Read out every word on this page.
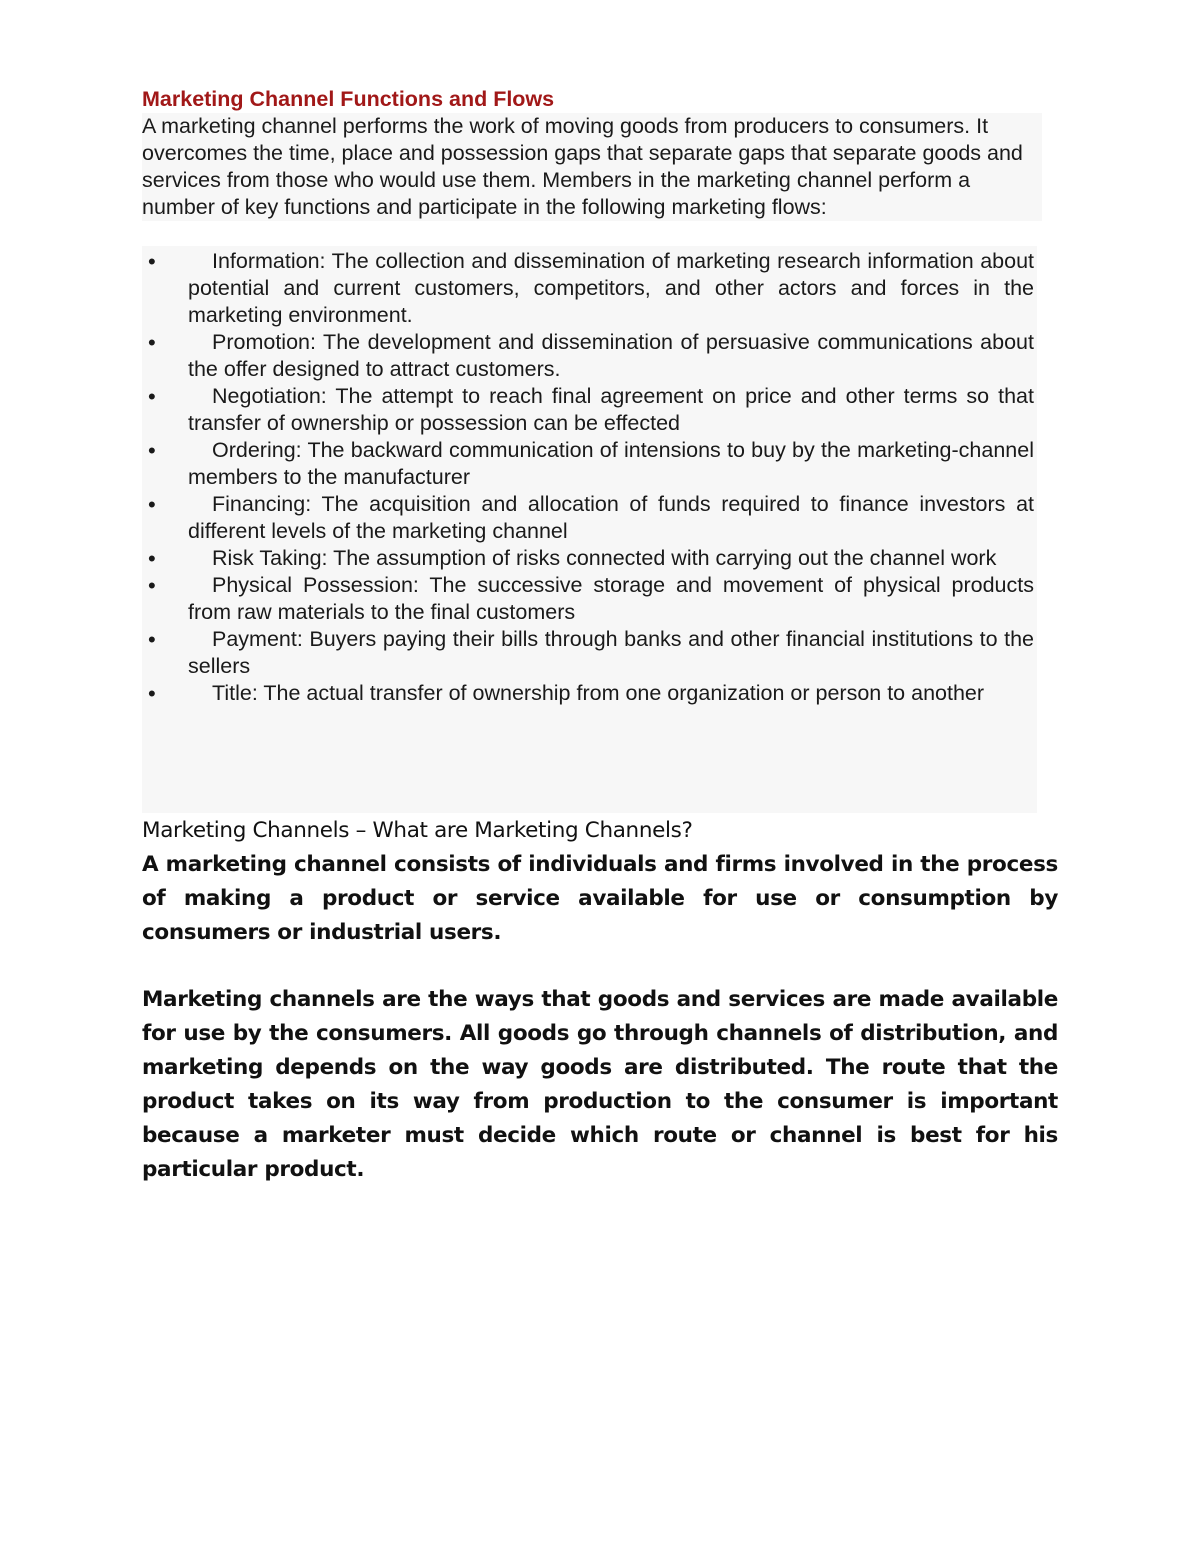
Marketing Channel Functions and Flows

A marketing channel performs the work of moving goods from producers to consumers. It overcomes the time, place and possession gaps that separate gaps that separate goods and services from those who would use them. Members in the marketing channel perform a number of key functions and participate in the following marketing flows:

•	Information: The collection and dissemination of marketing research information about potential and current customers, competitors, and other actors and forces in the marketing environment.
•	Promotion: The development and dissemination of persuasive communications about the offer designed to attract customers.
•	Negotiation: The attempt to reach final agreement on price and other terms so that transfer of ownership or possession can be effected
•	Ordering: The backward communication of intensions to buy by the marketing-channel members to the manufacturer
•	Financing: The acquisition and allocation of funds required to finance investors at different levels of the marketing channel
•	Risk Taking: The assumption of risks connected with carrying out the channel work
•	Physical Possession: The successive storage and movement of physical products from raw materials to the final customers
•	Payment: Buyers paying their bills through banks and other financial institutions to the sellers
•	Title: The actual transfer of ownership from one organization or person to another

Marketing Channels – What are Marketing Channels?

A marketing channel consists of individuals and firms involved in the process of making a product or service available for use or consumption by consumers or industrial users.

Marketing channels are the ways that goods and services are made available for use by the consumers. All goods go through channels of distribution, and marketing depends on the way goods are distributed. The route that the product takes on its way from production to the consumer is important because a marketer must decide which route or channel is best for his particular product.
